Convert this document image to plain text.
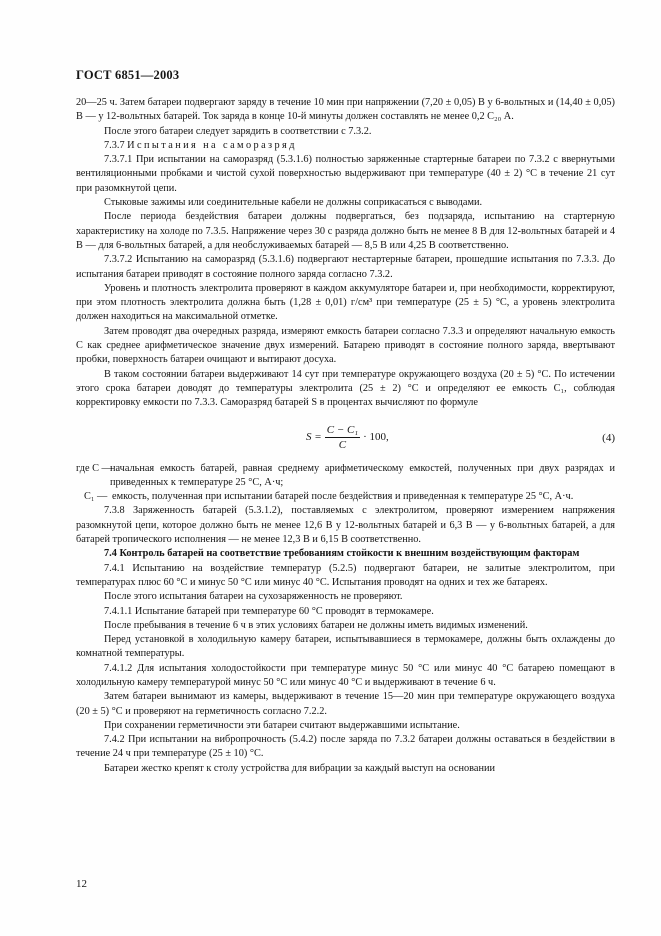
ГОСТ 6851—2003

20—25 ч. Затем батареи подвергают заряду в течение 10 мин при напряжении (7,20 ± 0,05) В у 6-вольтных и (14,40 ± 0,05) В — у 12-вольтных батарей. Ток заряда в конце 10-й минуты должен составлять не менее 0,2 C₂₀ А.

После этого батареи следует зарядить в соответствии с 7.3.2.

7.3.7 Испытания на саморазряд

7.3.7.1 При испытании на саморазряд (5.3.1.6) полностью заряженные стартерные батареи по 7.3.2 с ввернутыми вентиляционными пробками и чистой сухой поверхностью выдерживают при температуре (40 ± 2) °С в течение 21 сут при разомкнутой цепи.

Стыковые зажимы или соединительные кабели не должны соприкасаться с выводами.

После периода бездействия батареи должны подвергаться, без подзаряда, испытанию на стартерную характеристику на холоде по 7.3.5. Напряжение через 30 с разряда должно быть не менее 8 В для 12-вольтных батарей и 4 В — для 6-вольтных батарей, а для необслуживаемых батарей — 8,5 В или 4,25 В соответственно.

7.3.7.2 Испытанию на саморазряд (5.3.1.6) подвергают нестартерные батареи, прошедшие испытания по 7.3.3. До испытания батареи приводят в состояние полного заряда согласно 7.3.2.

Уровень и плотность электролита проверяют в каждом аккумуляторе батареи и, при необходимости, корректируют, при этом плотность электролита должна быть (1,28 ± 0,01) г/см³ при температуре (25 ± 5) °С, а уровень электролита должен находиться на максимальной отметке.

Затем проводят два очередных разряда, измеряют емкость батареи согласно 7.3.3 и определяют начальную емкость C как среднее арифметическое значение двух измерений. Батарею приводят в состояние полного заряда, ввертывают пробки, поверхность батареи очищают и вытирают досуха.

В таком состоянии батареи выдерживают 14 сут при температуре окружающего воздуха (20 ± 5) °С. По истечении этого срока батареи доводят до температуры электролита (25 ± 2) °С и определяют ее емкость C₁, соблюдая корректировку емкости по 7.3.3. Саморазряд батарей S в процентах вычисляют по формуле

$S = \frac{\text{C − C₁}}{C} \cdot 100$,	(4)
где C —
начальная емкость батарей, равная среднему арифметическому емкостей, полученных при двух разрядах и приведенных к температуре 25 °С, А·ч;
C₁ — емкость, полученная при испытании батарей после бездействия и приведенная к температуре 25 °С, А·ч.

7.3.8 Заряженность батарей (5.3.1.2), поставляемых с электролитом, проверяют измерением напряжения разомкнутой цепи, которое должно быть не менее 12,6 В у 12-вольтных батарей и 6,3 В — у 6-вольтных батарей, а для батарей тропического исполнения — не менее 12,3 В и 6,15 В соответственно.

7.4 Контроль батарей на соответствие требованиям стойкости к внешним воздействующим факторам

7.4.1 Испытанию на воздействие температур (5.2.5) подвергают батареи, не залитые электролитом, при температурах плюс 60 °С и минус 50 °С или минус 40 °С. Испытания проводят на одних и тех же батареях.

После этого испытания батареи на сухозаряженность не проверяют.

7.4.1.1 Испытание батарей при температуре 60 °С проводят в термокамере.

После пребывания в течение 6 ч в этих условиях батареи не должны иметь видимых изменений.

Перед установкой в холодильную камеру батареи, испытывавшиеся в термокамере, должны быть охлаждены до комнатной температуры.

7.4.1.2 Для испытания холодостойкости при температуре минус 50 °С или минус 40 °С батарею помещают в холодильную камеру температурой минус 50 °С или минус 40 °С и выдерживают в течение 6 ч.

Затем батареи вынимают из камеры, выдерживают в течение 15—20 мин при температуре окружающего воздуха (20 ± 5) °С и проверяют на герметичность согласно 7.2.2.

При сохранении герметичности эти батареи считают выдержавшими испытание.

7.4.2 При испытании на вибропрочность (5.4.2) после заряда по 7.3.2 батареи должны оставаться в бездействии в течение 24 ч при температуре (25 ± 10) °С.

Батареи жестко крепят к столу устройства для вибрации за каждый выступ на основании

12
